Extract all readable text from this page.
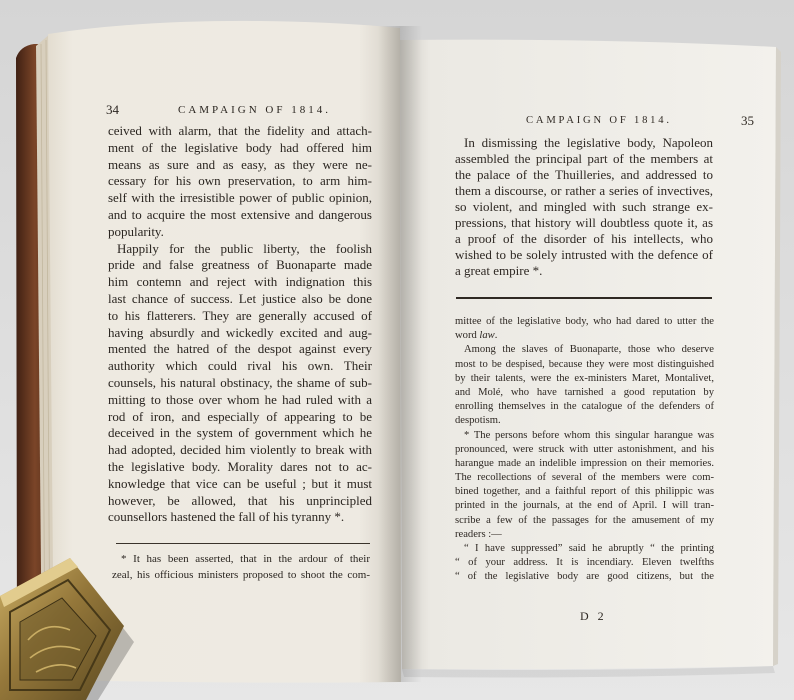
34	CAMPAIGN OF 1814.
ceived with alarm, that the fidelity and attach-
ment of the legislative body had offered him
means as sure and as easy, as they were ne-
cessary for his own preservation, to arm him-
self with the irresistible power of public opinion,
and to acquire the most extensive and dangerous
popularity.
Happily for the public liberty, the foolish
pride and false greatness of Buonaparte made
him contemn and reject with indignation this
last chance of success. Let justice also be done
to his flatterers. They are generally accused of
having absurdly and wickedly excited and aug-
mented the hatred of the despot against every
authority which could rival his own. Their
counsels, his natural obstinacy, the shame of sub-
mitting to those over whom he had ruled with a
rod of iron, and especially of appearing to be
deceived in the system of government which he
had adopted, decided him violently to break with
the legislative body. Morality dares not to ac-
knowledge that vice can be useful ; but it must
however, be allowed, that his unprincipled
counsellors hastened the fall of his tyranny *.
* It has been asserted, that in the ardour of their
zeal, his officious ministers proposed to shoot the com-
CAMPAIGN OF 1814.	35
In dismissing the legislative body, Napoleon
assembled the principal part of the members at
the palace of the Thuilleries, and addressed to
them a discourse, or rather a series of invectives,
so violent, and mingled with such strange ex-
pressions, that history will doubtless quote it, as
a proof of the disorder of his intellects, who
wished to be solely intrusted with the defence of
a great empire *.
mittee of the legislative body, who had dared to utter the
word law.
Among the slaves of Buonaparte, those who deserve
most to be despised, because they were most distinguished
by their talents, were the ex-ministers Maret, Montalivet,
and Molé, who have tarnished a good reputation by
enrolling themselves in the catalogue of the defenders of
despotism.
* The persons before whom this singular harangue was
pronounced, were struck with utter astonishment, and his
harangue made an indelible impression on their memories.
The recollections of several of the members were com-
bined together, and a faithful report of this philippic was
printed in the journals, at the end of April. I will tran-
scribe a few of the passages for the amusement of my
readers :—
“ I have suppressed” said he abruptly “ the printing
“ of your address. It is incendiary. Eleven twelfths
“ of the legislative body are good citizens, but the
D 2
